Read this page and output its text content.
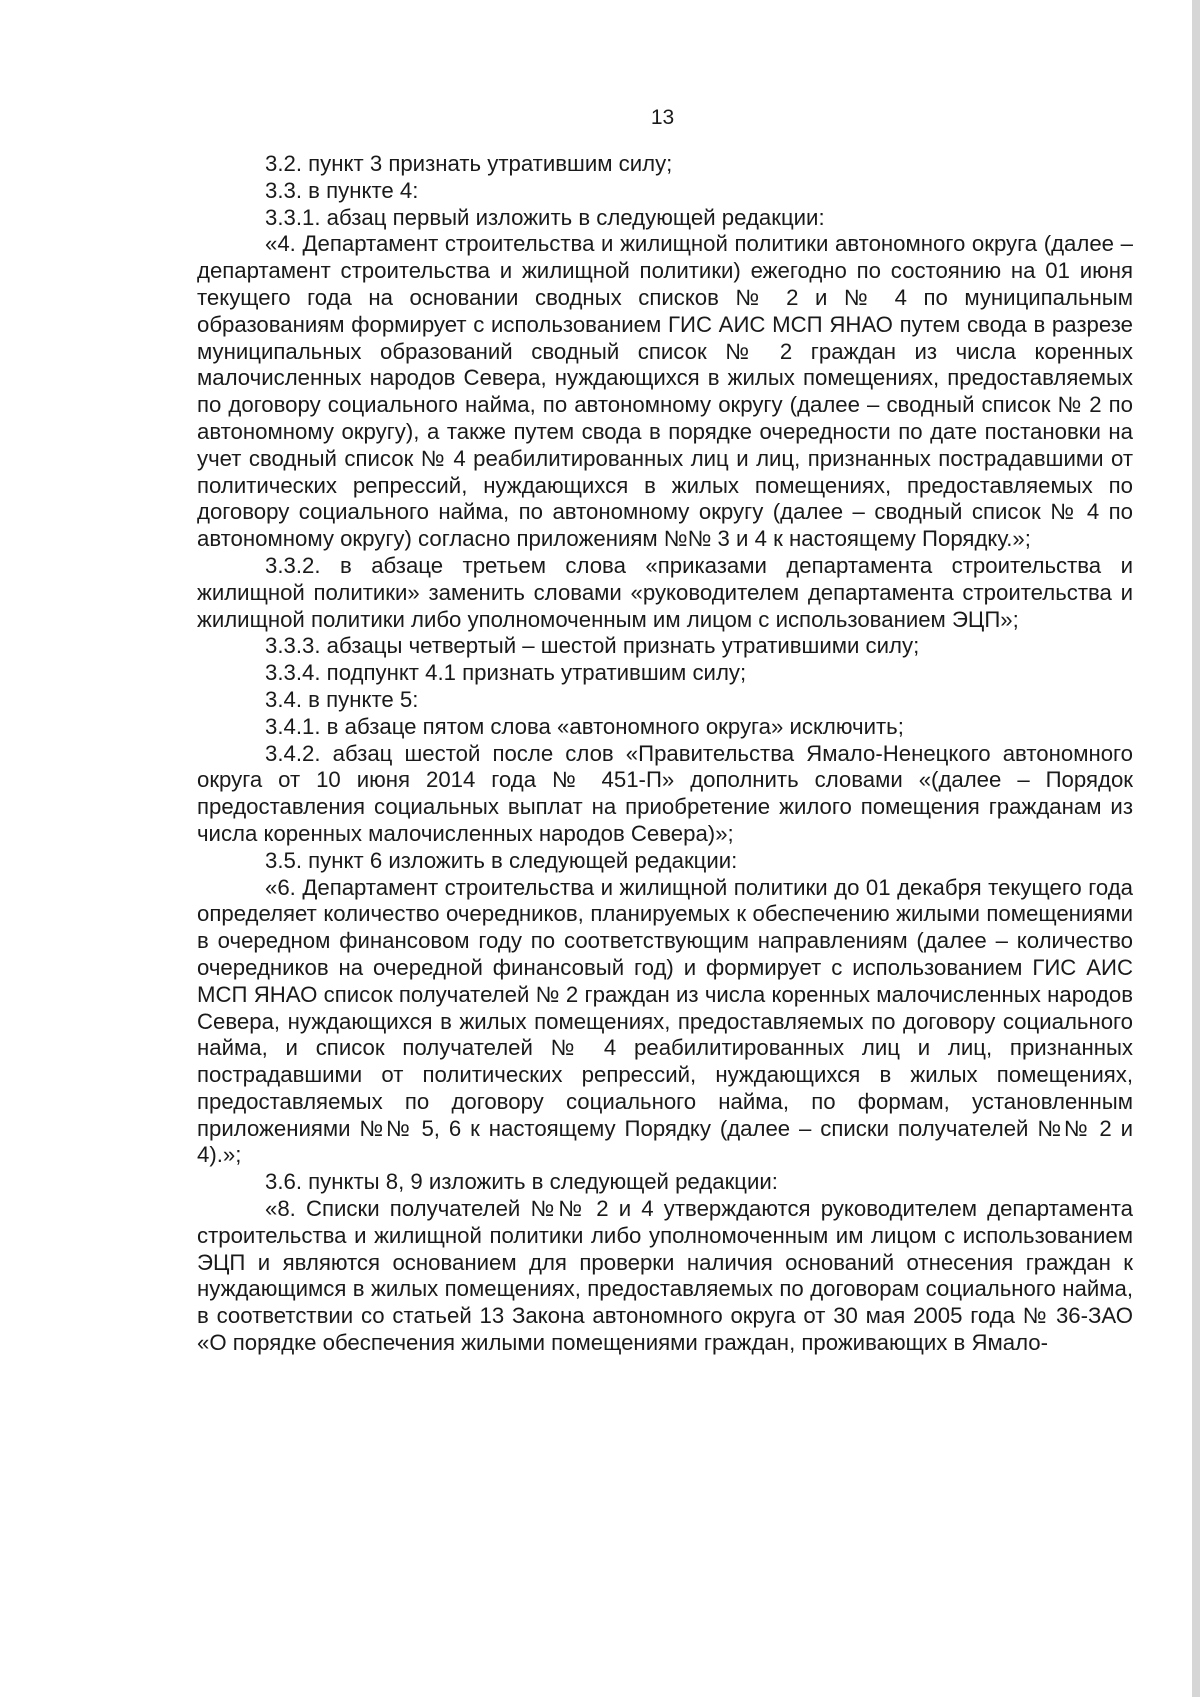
13

3.2. пункт 3 признать утратившим силу;

3.3. в пункте 4:

3.3.1. абзац первый изложить в следующей редакции:

«4. Департамент строительства и жилищной политики автономного округа (далее – департамент строительства и жилищной политики) ежегодно по состоянию на 01 июня текущего года на основании сводных списков № 2 и № 4 по муниципальным образованиям формирует с использованием ГИС АИС МСП ЯНАО путем свода в разрезе муниципальных образований сводный список № 2 граждан из числа коренных малочисленных народов Севера, нуждающихся в жилых помещениях, предоставляемых по договору социального найма, по автономному округу (далее – сводный список № 2 по автономному округу), а также путем свода в порядке очередности по дате постановки на учет сводный список № 4 реабилитированных лиц и лиц, признанных пострадавшими от политических репрессий, нуждающихся в жилых помещениях, предоставляемых по договору социального найма, по автономному округу (далее – сводный список № 4 по автономному округу) согласно приложениям №№ 3 и 4 к настоящему Порядку.»;

3.3.2. в абзаце третьем слова «приказами департамента строительства и жилищной политики» заменить словами «руководителем департамента строительства и жилищной политики либо уполномоченным им лицом с использованием ЭЦП»;

3.3.3. абзацы четвертый – шестой признать утратившими силу;

3.3.4. подпункт 4.1 признать утратившим силу;

3.4. в пункте 5:

3.4.1. в абзаце пятом слова «автономного округа» исключить;

3.4.2. абзац шестой после слов «Правительства Ямало-Ненецкого автономного округа от 10 июня 2014 года № 451-П» дополнить словами «(далее – Порядок предоставления социальных выплат на приобретение жилого помещения гражданам из числа коренных малочисленных народов Севера)»;

3.5. пункт 6 изложить в следующей редакции:

«6. Департамент строительства и жилищной политики до 01 декабря текущего года определяет количество очередников, планируемых к обеспечению жилыми помещениями в очередном финансовом году по соответствующим направлениям (далее – количество очередников на очередной финансовый год) и формирует с использованием ГИС АИС МСП ЯНАО список получателей № 2 граждан из числа коренных малочисленных народов Севера, нуждающихся в жилых помещениях, предоставляемых по договору социального найма, и список получателей № 4 реабилитированных лиц и лиц, признанных пострадавшими от политических репрессий, нуждающихся в жилых помещениях, предоставляемых по договору социального найма, по формам, установленным приложениями №№ 5, 6 к настоящему Порядку (далее – списки получателей №№ 2 и 4).»;

3.6. пункты 8, 9 изложить в следующей редакции:

«8. Списки получателей №№ 2 и 4 утверждаются руководителем департамента строительства и жилищной политики либо уполномоченным им лицом с использованием ЭЦП и являются основанием для проверки наличия оснований отнесения граждан к нуждающимся в жилых помещениях, предоставляемых по договорам социального найма, в соответствии со статьей 13 Закона автономного округа от 30 мая 2005 года № 36-ЗАО «О порядке обеспечения жилыми помещениями граждан, проживающих в Ямало-
